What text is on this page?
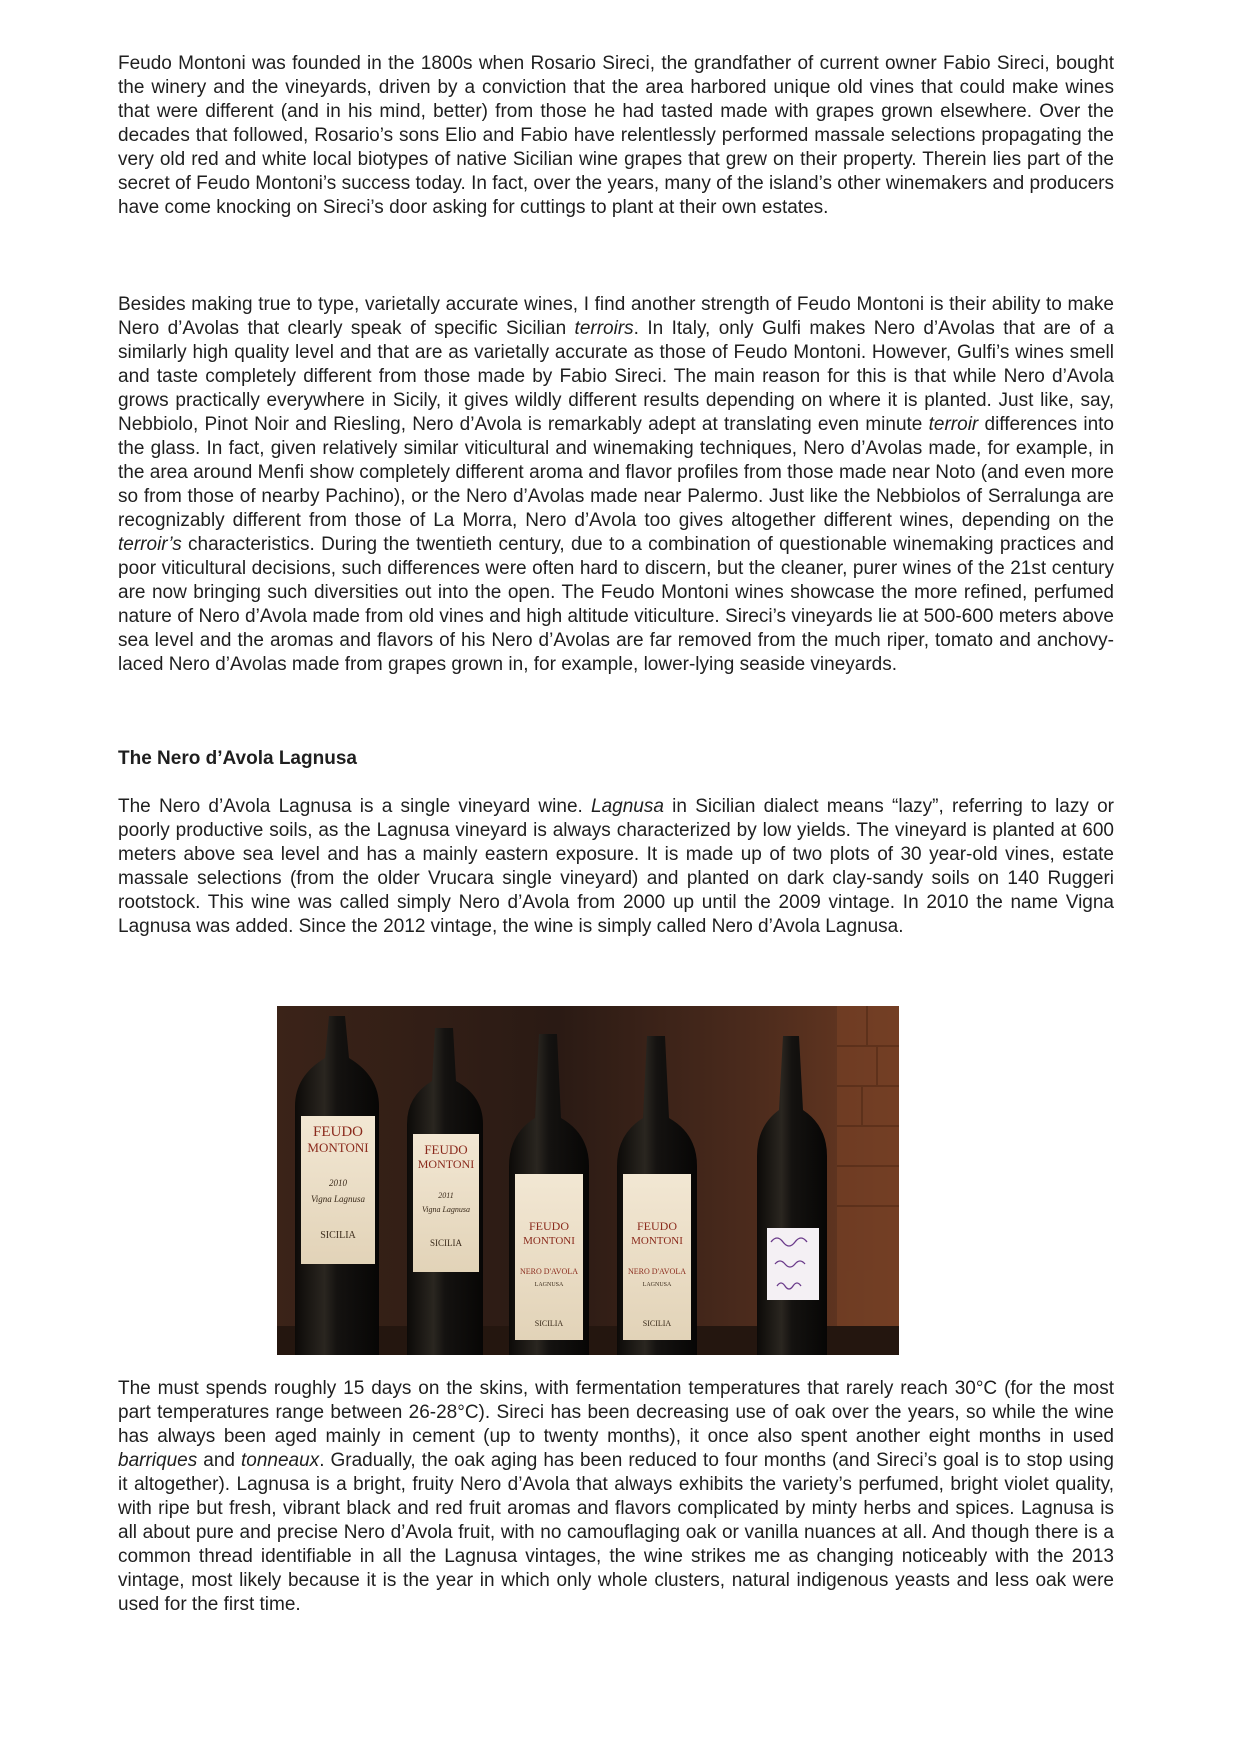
Feudo Montoni was founded in the 1800s when Rosario Sireci, the grandfather of current owner Fabio Sireci, bought the winery and the vineyards, driven by a conviction that the area harbored unique old vines that could make wines that were different (and in his mind, better) from those he had tasted made with grapes grown elsewhere. Over the decades that followed, Rosario’s sons Elio and Fabio have relentlessly performed massale selections propagating the very old red and white local biotypes of native Sicilian wine grapes that grew on their property. Therein lies part of the secret of Feudo Montoni’s success today. In fact, over the years, many of the island’s other winemakers and producers have come knocking on Sireci’s door asking for cuttings to plant at their own estates.

Besides making true to type, varietally accurate wines, I find another strength of Feudo Montoni is their ability to make Nero d’Avolas that clearly speak of specific Sicilian terroirs. In Italy, only Gulfi makes Nero d’Avolas that are of a similarly high quality level and that are as varietally accurate as those of Feudo Montoni. However, Gulfi’s wines smell and taste completely different from those made by Fabio Sireci. The main reason for this is that while Nero d’Avola grows practically everywhere in Sicily, it gives wildly different results depending on where it is planted. Just like, say, Nebbiolo, Pinot Noir and Riesling, Nero d’Avola is remarkably adept at translating even minute terroir differences into the glass. In fact, given relatively similar viticultural and winemaking techniques, Nero d’Avolas made, for example, in the area around Menfi show completely different aroma and flavor profiles from those made near Noto (and even more so from those of nearby Pachino), or the Nero d’Avolas made near Palermo. Just like the Nebbiolos of Serralunga are recognizably different from those of La Morra, Nero d’Avola too gives altogether different wines, depending on the terroir’s characteristics. During the twentieth century, due to a combination of questionable winemaking practices and poor viticultural decisions, such differences were often hard to discern, but the cleaner, purer wines of the 21st century are now bringing such diversities out into the open. The Feudo Montoni wines showcase the more refined, perfumed nature of Nero d’Avola made from old vines and high altitude viticulture. Sireci’s vineyards lie at 500-600 meters above sea level and the aromas and flavors of his Nero d’Avolas are far removed from the much riper, tomato and anchovy-laced Nero d’Avolas made from grapes grown in, for example, lower-lying seaside vineyards.

The Nero d’Avola Lagnusa

The Nero d’Avola Lagnusa is a single vineyard wine. Lagnusa in Sicilian dialect means “lazy”, referring to lazy or poorly productive soils, as the Lagnusa vineyard is always characterized by low yields. The vineyard is planted at 600 meters above sea level and has a mainly eastern exposure. It is made up of two plots of 30 year-old vines, estate massale selections (from the older Vrucara single vineyard) and planted on dark clay-sandy soils on 140 Ruggeri rootstock. This wine was called simply Nero d’Avola from 2000 up until the 2009 vintage. In 2010 the name Vigna Lagnusa was added. Since the 2012 vintage, the wine is simply called Nero d’Avola Lagnusa.

FEUDO
MONTONI
2010
Vigna Lagnusa
SICILIA
FEUDO
MONTONI
2011
Vigna Lagnusa
SICILIA
FEUDO
MONTONI
NERO D'AVOLA
LAGNUSA
SICILIA
FEUDO
MONTONI
NERO D'AVOLA
LAGNUSA
SICILIA

The must spends roughly 15 days on the skins, with fermentation temperatures that rarely reach 30°C (for the most part temperatures range between 26-28°C). Sireci has been decreasing use of oak over the years, so while the wine has always been aged mainly in cement (up to twenty months), it once also spent another eight months in used barriques and tonneaux. Gradually, the oak aging has been reduced to four months (and Sireci’s goal is to stop using it altogether). Lagnusa is a bright, fruity Nero d’Avola that always exhibits the variety’s perfumed, bright violet quality, with ripe but fresh, vibrant black and red fruit aromas and flavors complicated by minty herbs and spices. Lagnusa is all about pure and precise Nero d’Avola fruit, with no camouflaging oak or vanilla nuances at all. And though there is a common thread identifiable in all the Lagnusa vintages, the wine strikes me as changing noticeably with the 2013 vintage, most likely because it is the year in which only whole clusters, natural indigenous yeasts and less oak were used for the first time.
